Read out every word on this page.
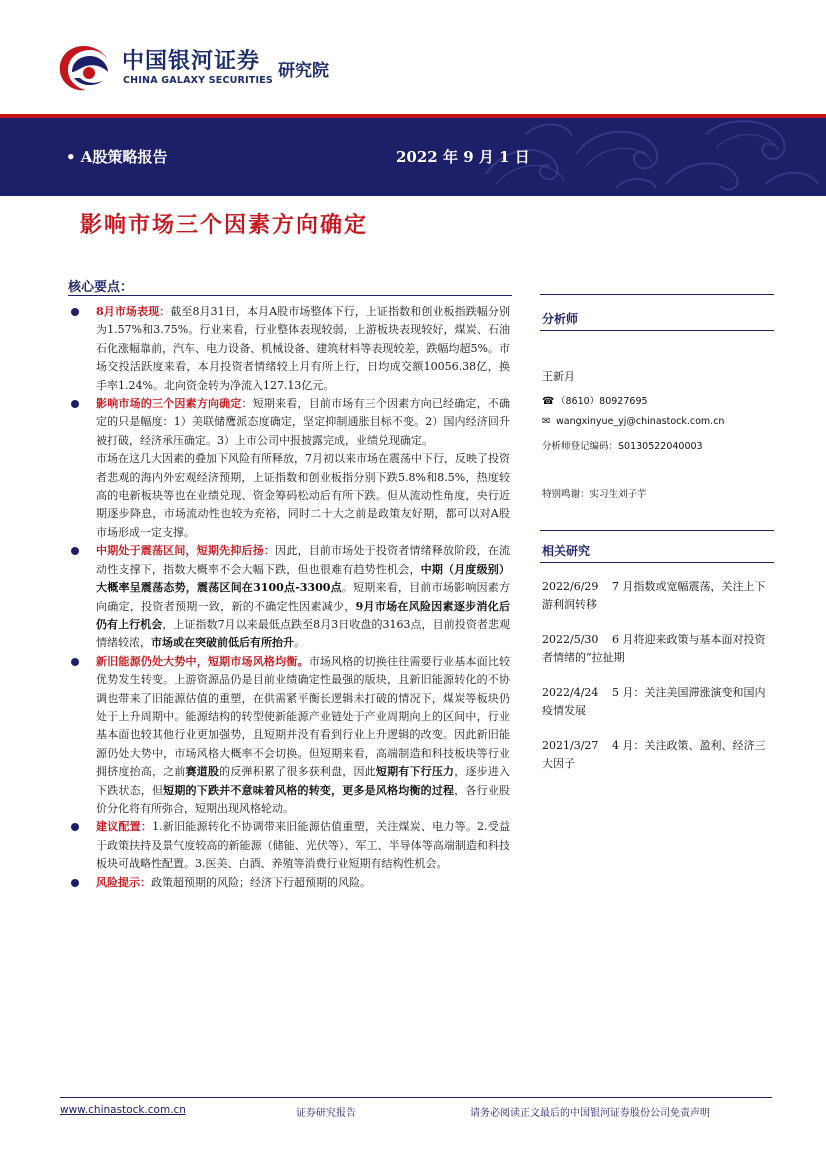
中国银河证券
CHINA GALAXY SECURITIES 研究院
• A股策略报告	2022 年 9 月 1 日
影响市场三个因素方向确定
核心要点：

8月市场表现：截至8月31日，本月A股市场整体下行，上证指数和创业板指跌幅分别为1.57%和3.75%。行业来看，行业整体表现较弱，上游板块表现较好，煤炭、石油石化涨幅靠前，汽车、电力设备、机械设备、建筑材料等表现较差，跌幅均超5%。市场交投活跃度来看，本月投资者情绪较上月有所上行，日均成交额10056.38亿，换手率1.24%。北向资金转为净流入127.13亿元。

影响市场的三个因素方向确定：短期来看，目前市场有三个因素方向已经确定，不确定的只是幅度：1）美联储鹰派态度确定，坚定抑制通胀目标不变。2）国内经济回升被打破，经济承压确定。3）上市公司中报披露完成，业绩兑现确定。

市场在这几大因素的叠加下风险有所释放，7月初以来市场在震荡中下行，反映了投资者悲观的海内外宏观经济预期，上证指数和创业板指分别下跌5.8%和8.5%，热度较高的电新板块等也在业绩兑现、资金筹码松动后有所下跌。但从流动性角度，央行近期逐步降息，市场流动性也较为充裕，同时二十大之前是政策友好期，都可以对A股市场形成一定支撑。

中期处于震荡区间，短期先抑后扬：因此，目前市场处于投资者情绪释放阶段，在流动性支撑下，指数大概率不会大幅下跌，但也很难有趋势性机会，中期（月度级别）大概率呈震荡态势，震荡区间在3100点-3300点。短期来看，目前市场影响因素方向确定，投资者预期一致，新的不确定性因素减少，9月市场在风险因素逐步消化后仍有上行机会，上证指数7月以来最低点跌至8月3日收盘的3163点，目前投资者悲观情绪较浓，市场或在突破前低后有所抬升。

新旧能源仍处大势中，短期市场风格均衡。市场风格的切换往往需要行业基本面比较优势发生转变。上游资源品仍是目前业绩确定性最强的版块，且新旧能源转化的不协调也带来了旧能源估值的重塑，在供需紧平衡长逻辑未打破的情况下，煤炭等板块仍处于上升周期中。能源结构的转型使新能源产业链处于产业周期向上的区间中，行业基本面也较其他行业更加强势，且短期并没有看到行业上升逻辑的改变。因此新旧能源仍处大势中，市场风格大概率不会切换。但短期来看，高端制造和科技板块等行业拥挤度抬高，之前赛道股的反弹积累了很多获利盘，因此短期有下行压力，逐步进入下跌状态，但短期的下跌并不意味着风格的转变，更多是风格均衡的过程，各行业股价分化将有所弥合，短期出现风格轮动。

建议配置：1.新旧能源转化不协调带来旧能源估值重塑，关注煤炭、电力等。2.受益于政策扶持及景气度较高的新能源（储能、光伏等）、军工、半导体等高端制造和科技板块可战略性配置。3.医美、白酒、养殖等消费行业短期有结构性机会。

风险提示：政策超预期的风险；经济下行超预期的风险。

分析师
王新月
☎ （8610）80927695
✉ wangxinyue_yj@chinastock.com.cn
分析师登记编码：S0130522040003
特别鸣谢：实习生刘子芋
相关研究
2022/6/29 7 月指数或宽幅震荡，关注上下游利润转移
2022/5/30 6 月将迎来政策与基本面对投资者情绪的“拉扯期
2022/4/24 5 月：关注美国滞涨演变和国内疫情发展
2021/3/27 4 月：关注政策、盈利、经济三大因子
www.chinastock.com.cn	证券研究报告	请务必阅读正文最后的中国银河证券股份公司免责声明
